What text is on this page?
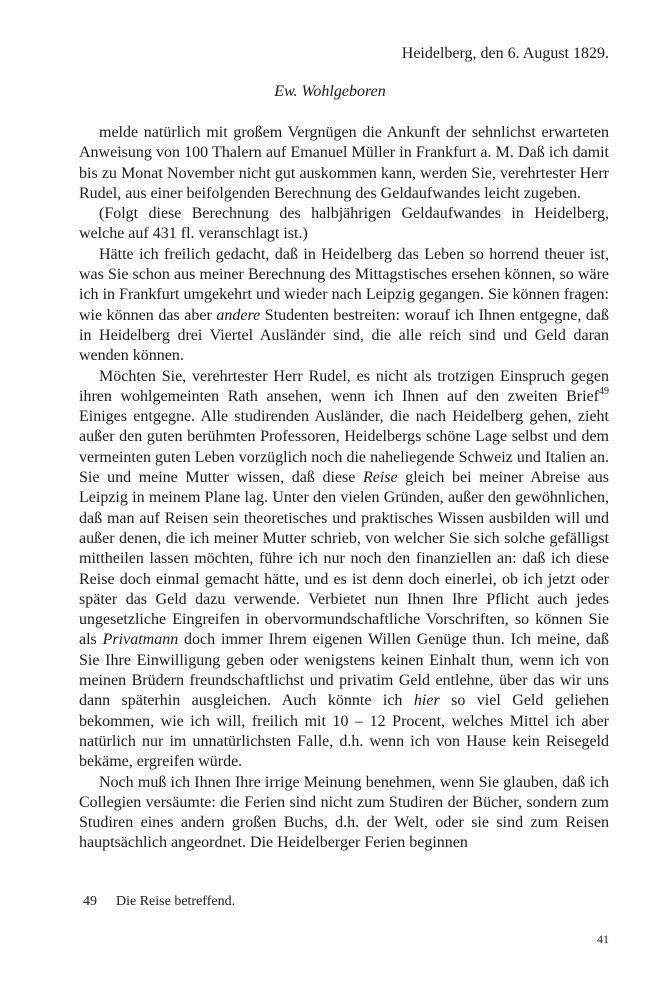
Heidelberg, den 6. August 1829.

Ew. Wohlgeboren

melde natürlich mit großem Vergnügen die Ankunft der sehnlichst erwarteten Anweisung von 100 Thalern auf Emanuel Müller in Frankfurt a. M. Daß ich damit bis zu Monat November nicht gut auskommen kann, werden Sie, verehrtester Herr Rudel, aus einer beifolgenden Berechnung des Geldaufwandes leicht zugeben.

(Folgt diese Berechnung des halbjährigen Geldaufwandes in Heidelberg, welche auf 431 fl. veranschlagt ist.)

Hätte ich freilich gedacht, daß in Heidelberg das Leben so horrend theuer ist, was Sie schon aus meiner Berechnung des Mittagstisches ersehen können, so wäre ich in Frankfurt umgekehrt und wieder nach Leipzig gegangen. Sie können fragen: wie können das aber andere Studenten bestreiten: worauf ich Ihnen entgegne, daß in Heidelberg drei Viertel Ausländer sind, die alle reich sind und Geld daran wenden können.

Möchten Sie, verehrtester Herr Rudel, es nicht als trotzigen Einspruch gegen ihren wohlgemeinten Rath ansehen, wenn ich Ihnen auf den zweiten Brief$^{49}$ Einiges entgegne. Alle studirenden Ausländer, die nach Heidelberg gehen, zieht außer den guten berühmten Professoren, Heidelbergs schöne Lage selbst und dem vermeinten guten Leben vorzüglich noch die naheliegende Schweiz und Italien an. Sie und meine Mutter wissen, daß diese Reise gleich bei meiner Abreise aus Leipzig in meinem Plane lag. Unter den vielen Gründen, außer den gewöhnlichen, daß man auf Reisen sein theoretisches und praktisches Wissen ausbilden will und außer denen, die ich meiner Mutter schrieb, von welcher Sie sich solche gefälligst mittheilen lassen möchten, führe ich nur noch den finanziellen an: daß ich diese Reise doch einmal gemacht hätte, und es ist denn doch einerlei, ob ich jetzt oder später das Geld dazu verwende. Verbietet nun Ihnen Ihre Pflicht auch jedes ungesetzliche Eingreifen in obervormundschaftliche Vorschriften, so können Sie als Privatmann doch immer Ihrem eigenen Willen Genüge thun. Ich meine, daß Sie Ihre Einwilligung geben oder wenigstens keinen Einhalt thun, wenn ich von meinen Brüdern freundschaftlichst und privatim Geld entlehne, über das wir uns dann späterhin ausgleichen. Auch könnte ich hier so viel Geld geliehen bekommen, wie ich will, freilich mit 10 – 12 Procent, welches Mittel ich aber natürlich nur im unnatürlichsten Falle, d.h. wenn ich von Hause kein Reisegeld bekäme, ergreifen würde.

Noch muß ich Ihnen Ihre irrige Meinung benehmen, wenn Sie glauben, daß ich Collegien versäumte: die Ferien sind nicht zum Studiren der Bücher, sondern zum Studiren eines andern großen Buchs, d.h. der Welt, oder sie sind zum Reisen hauptsächlich angeordnet. Die Heidelberger Ferien beginnen

49 Die Reise betreffend.

41
